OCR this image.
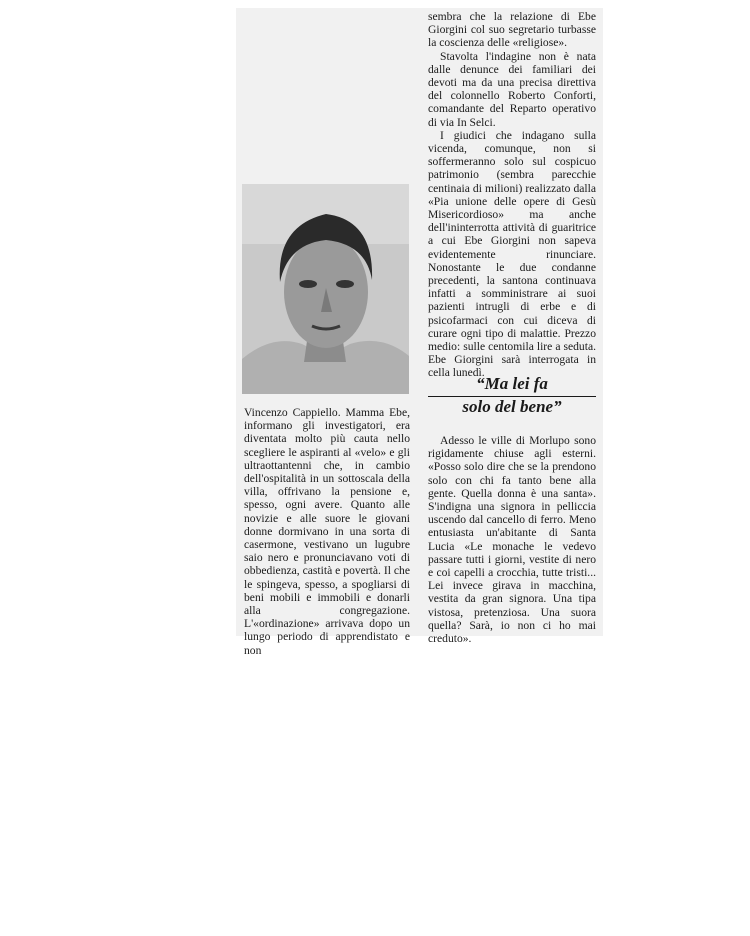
Vincenzo Cappiello. Mamma Ebe, informano gli investigatori, era diventata molto più cauta nello scegliere le aspiranti al «velo» e gli ultraottantenni che, in cambio dell'ospitalità in un sottoscala della villa, offrivano la pensione e, spesso, ogni avere. Quanto alle novizie e alle suore le giovani donne dormivano in una sorta di casermone, vestivano un lugubre saio nero e pronunciavano voti di obbedienza, castità e povertà. Il che le spingeva, spesso, a spogliarsi di beni mobili e immobili e donarli alla congregazione. L'«ordinazione» arrivava dopo un lungo periodo di apprendistato e non

sembra che la relazione di Ebe Giorgini col suo segretario turbasse la coscienza delle «religiose».

Stavolta l'indagine non è nata dalle denunce dei familiari dei devoti ma da una precisa direttiva del colonnello Roberto Conforti, comandante del Reparto operativo di via In Selci.

I giudici che indagano sulla vicenda, comunque, non si soffermeranno solo sul cospicuo patrimonio (sembra parecchie centinaia di milioni) realizzato dalla «Pia unione delle opere di Gesù Misericordioso» ma anche dell'ininterrotta attività di guaritrice a cui Ebe Giorgini non sapeva evidentemente rinunciare. Nonostante le due condanne precedenti, la santona continuava infatti a somministrare ai suoi pazienti intrugli di erbe e di psicofarmaci con cui diceva di curare ogni tipo di malattie. Prezzo medio: sulle centomila lire a seduta. Ebe Giorgini sarà interrogata in cella lunedì.

“Ma lei fa
solo del bene”

Adesso le ville di Morlupo sono rigidamente chiuse agli esterni. «Posso solo dire che se la prendono solo con chi fa tanto bene alla gente. Quella donna è una santa». S'indigna una signora in pelliccia uscendo dal cancello di ferro. Meno entusiasta un'abitante di Santa Lucia «Le monache le vedevo passare tutti i giorni, vestite di nero e coi capelli a crocchia, tutte tristi... Lei invece girava in macchina, vestita da gran signora. Una tipa vistosa, pretenziosa. Una suora quella? Sarà, io non ci ho mai creduto».
